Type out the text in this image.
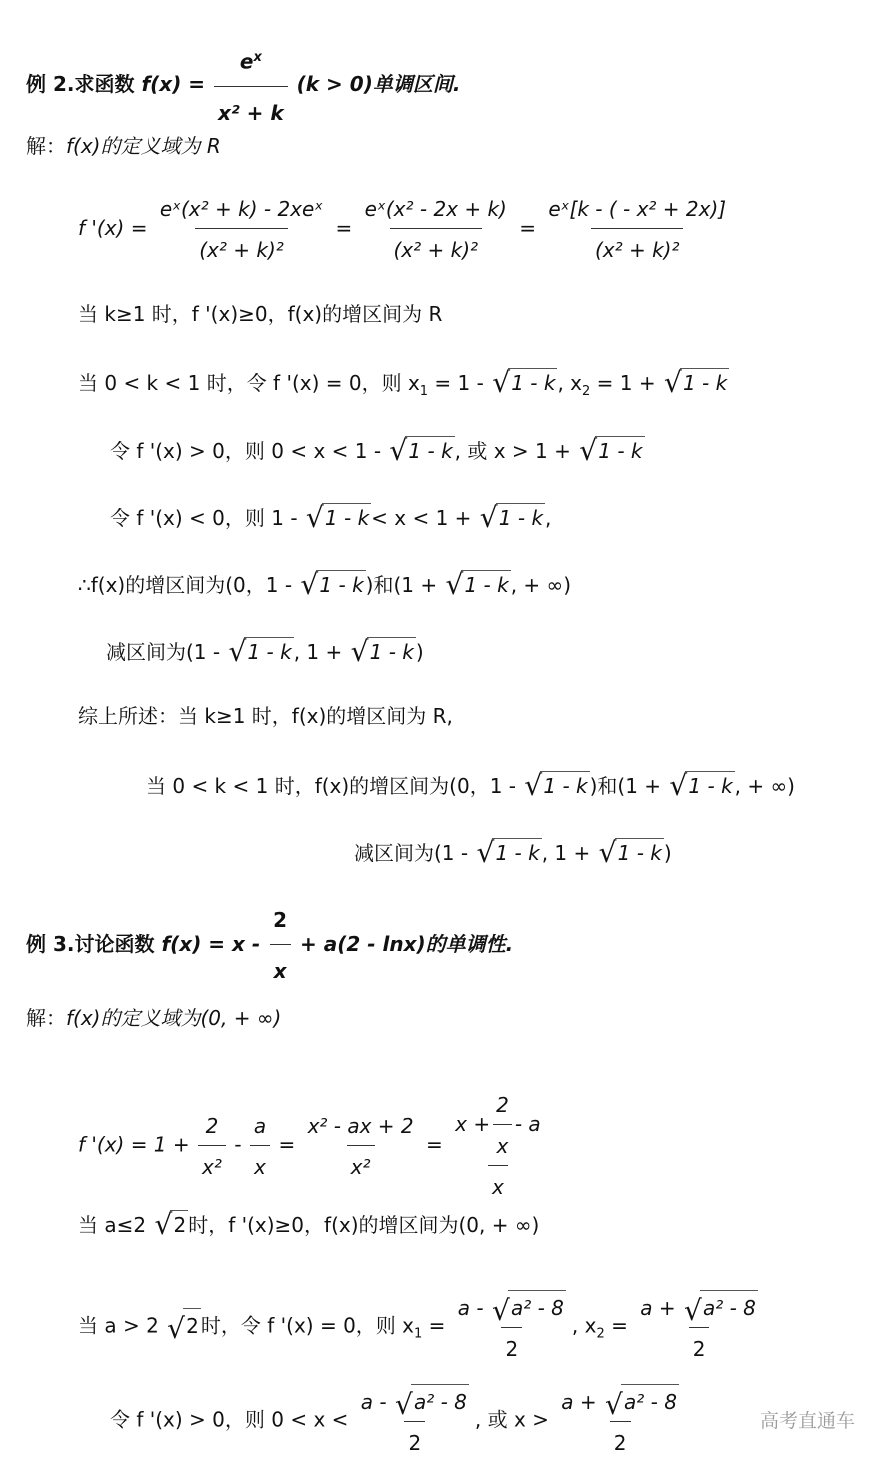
例 2.求函数 $f(x) = \frac{e^x}{\text{x² + k}} (k > 0)$单调区间.
解：f(x)的定义域为 R
f '$(x) = \frac{\text{eˣ(x² + k) - 2xeˣ}}{\text{(x² + k)²}} = \frac{\text{eˣ(x² - 2x + k)}}{\text{(x² + k)²}} = \frac{\text{eˣ[k - ( - x² + 2x)]}}{\text{(x² + k)²}}$
当 k≥1 时，f '(x)≥0，f(x)的增区间为 R
当 0 < k < 1 时，令 f '(x) = 0，则 $x_1 = 1$ - √ 1 - k , $x_2 = 1$ + √ 1 - k
令 f '(x) > 0，则 0 < x < 1 - √ 1 - k , 或 x > 1 + √ 1 - k
令 f '(x) < 0，则 1 - √ 1 - k < x < 1 + √ 1 - k ,
∴f(x)的增区间为(0，1 - √ 1 - k )和(1 + √ 1 - k , + ∞)
减区间为(1 - √ 1 - k , 1 + √ 1 - k )
综上所述：当 k≥1 时，f(x)的增区间为 R,
当 0 < k < 1 时，f(x)的增区间为(0，1 - √ 1 - k )和(1 + √ 1 - k , + ∞)
减区间为(1 - √ 1 - k , 1 + √ 1 - k )
例 3.讨论函数 $f(x) = x - \frac{2}{x} + a(2 - \ln x)$的单调性.
解：f(x)的定义域为(0, + ∞)
f '$(x) = 1 + \frac{2}{\text{x²}} - \frac{a}{x} = \frac{\text{x² - ax + 2}}{\text{x²}} = \frac{x + \frac{2}{x} - a}{x}$
当 a≤2 √ 2 时，f '(x)≥0，f(x)的增区间为(0, + ∞)
当 a > 2 √ 2 时，令 f '(x) = 0，则 $x_1 = \frac{\text{a - √ a² - 8}}{2}$ , $x_2 = \frac{\text{a + √ a² - 8}}{2}$
令 f '(x) > 0，则 $0 < x < \frac{\text{a - √ a² - 8}}{2}$ , 或 $x > \frac{\text{a + √ a² - 8}}{2}$	高考直通车
